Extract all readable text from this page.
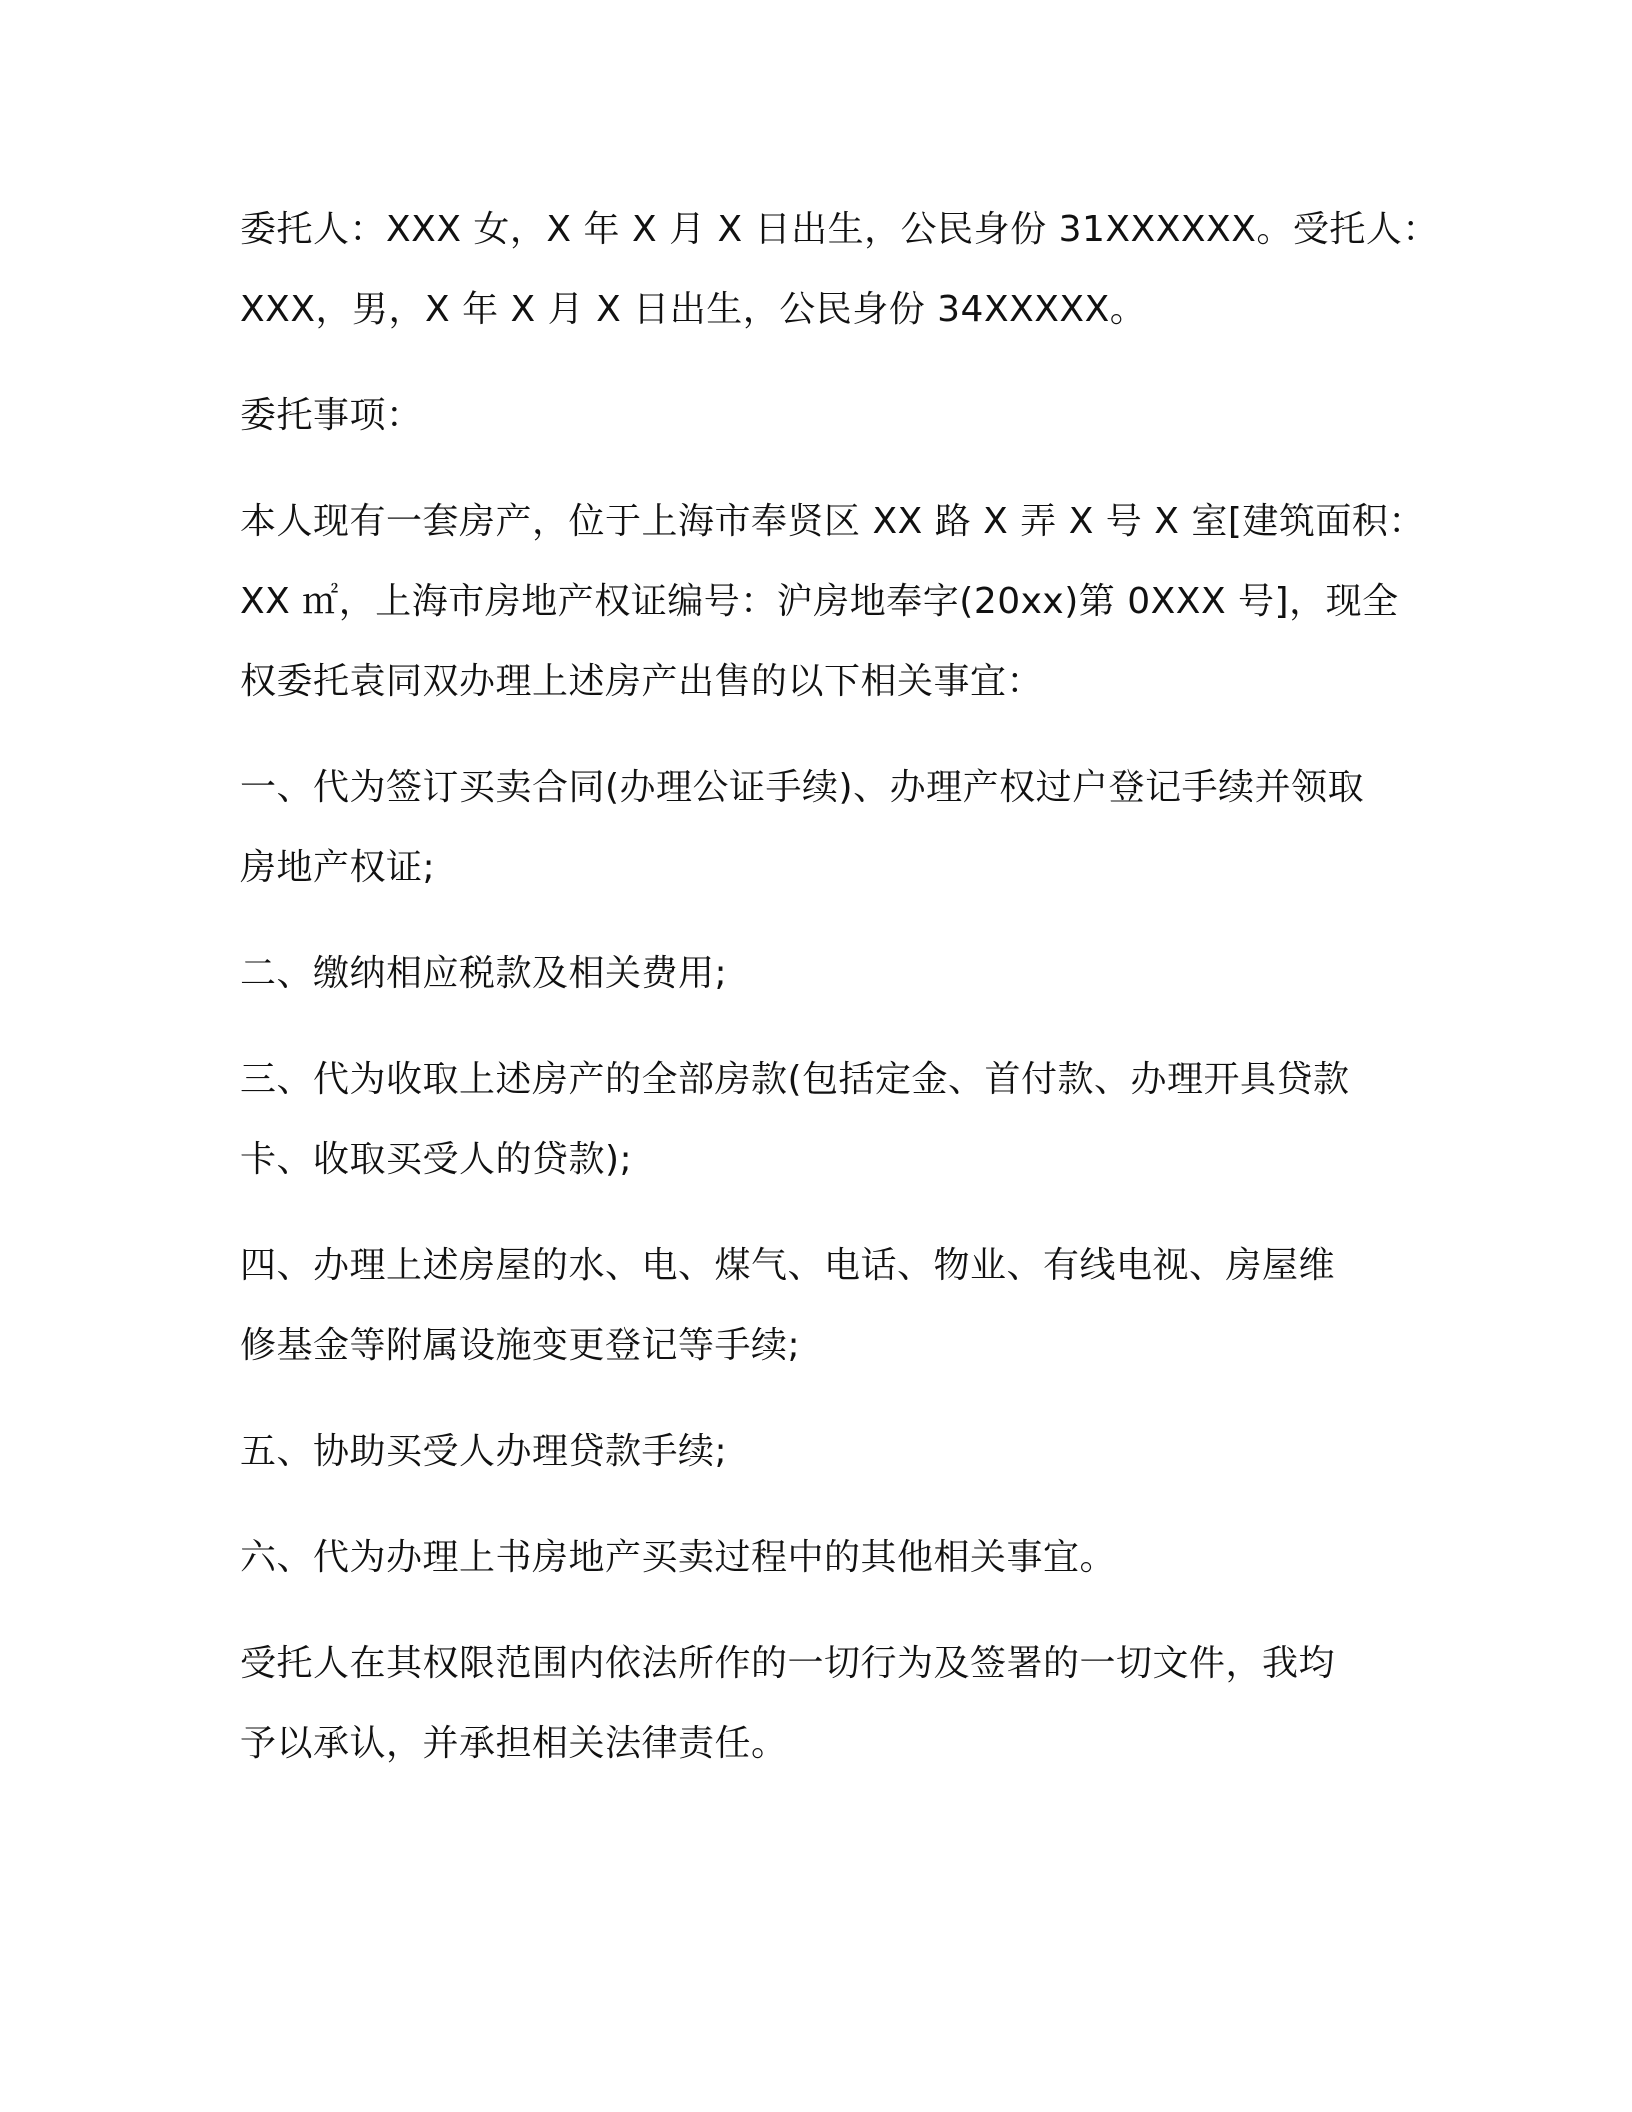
委托人：XXX 女，X 年 X 月 X 日出生，公民身份 31XXXXXX。受托人：
XXX，男，X 年 X 月 X 日出生，公民身份 34XXXXX。

委托事项：

本人现有一套房产，位于上海市奉贤区 XX 路 X 弄 X 号 X 室[建筑面积：
XX ㎡，上海市房地产权证编号：沪房地奉字(20xx)第 0XXX 号]，现全
权委托袁同双办理上述房产出售的以下相关事宜：

一、代为签订买卖合同(办理公证手续)、办理产权过户登记手续并领取
房地产权证;

二、缴纳相应税款及相关费用;

三、代为收取上述房产的全部房款(包括定金、首付款、办理开具贷款
卡、收取买受人的贷款);

四、办理上述房屋的水、电、煤气、电话、物业、有线电视、房屋维
修基金等附属设施变更登记等手续;

五、协助买受人办理贷款手续;

六、代为办理上书房地产买卖过程中的其他相关事宜。

受托人在其权限范围内依法所作的一切行为及签署的一切文件，我均
予以承认，并承担相关法律责任。
